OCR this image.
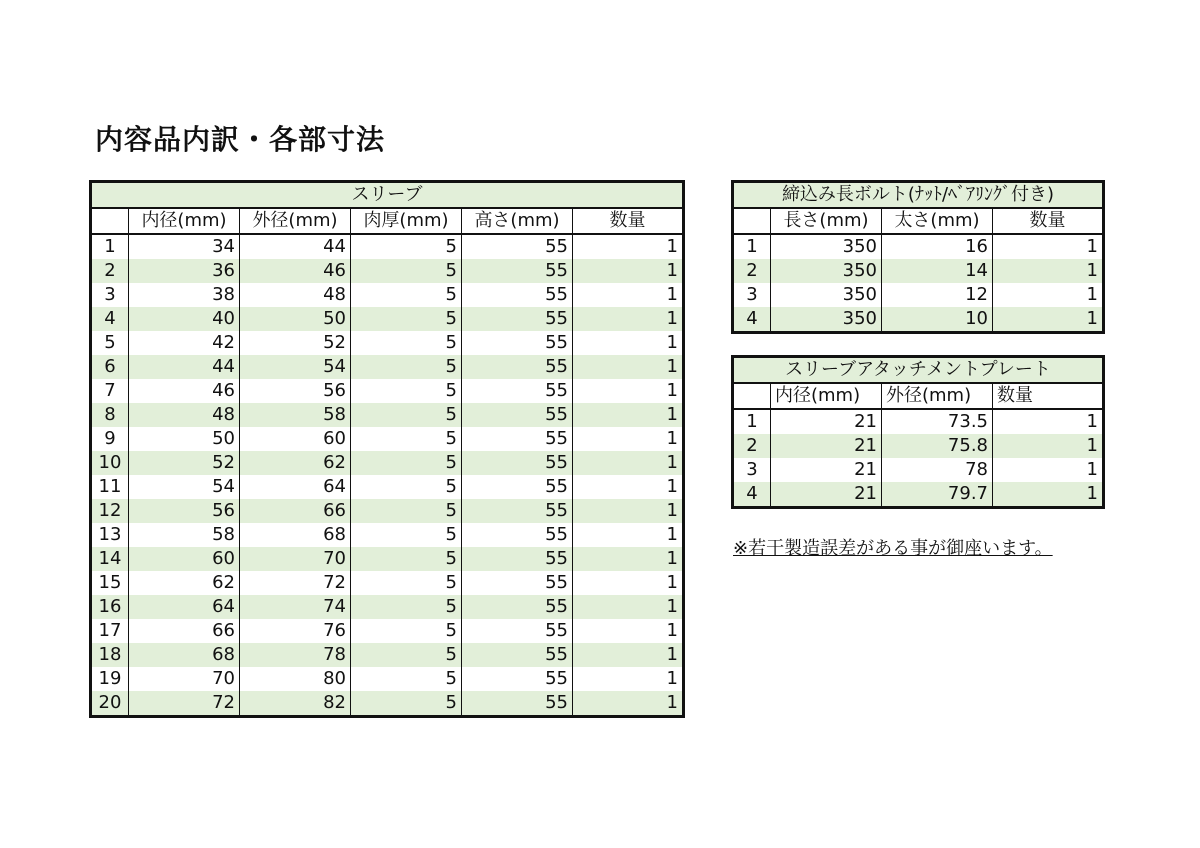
内容品内訳・各部寸法
スリーブ					
	内径(mm)	外径(mm)	肉厚(mm)	高さ(mm)	数量
1	34	44	5	55	1
2	36	46	5	55	1
3	38	48	5	55	1
4	40	50	5	55	1
5	42	52	5	55	1
6	44	54	5	55	1
7	46	56	5	55	1
8	48	58	5	55	1
9	50	60	5	55	1
10	52	62	5	55	1
11	54	64	5	55	1
12	56	66	5	55	1
13	58	68	5	55	1
14	60	70	5	55	1
15	62	72	5	55	1
16	64	74	5	55	1
17	66	76	5	55	1
18	68	78	5	55	1
19	70	80	5	55	1
20	72	82	5	55	1
締込み長ボルト(ﾅｯﾄ/ﾍﾞｱﾘﾝｸﾞ付き)			
	長さ(mm)	太さ(mm)	数量
1	350	16	1
2	350	14	1
3	350	12	1
4	350	10	1
スリーブアタッチメントプレート			
	内径(mm)	外径(mm)	数量
1	21	73.5	1
2	21	75.8	1
3	21	78	1
4	21	79.7	1
※若干製造誤差がある事が御座います。
